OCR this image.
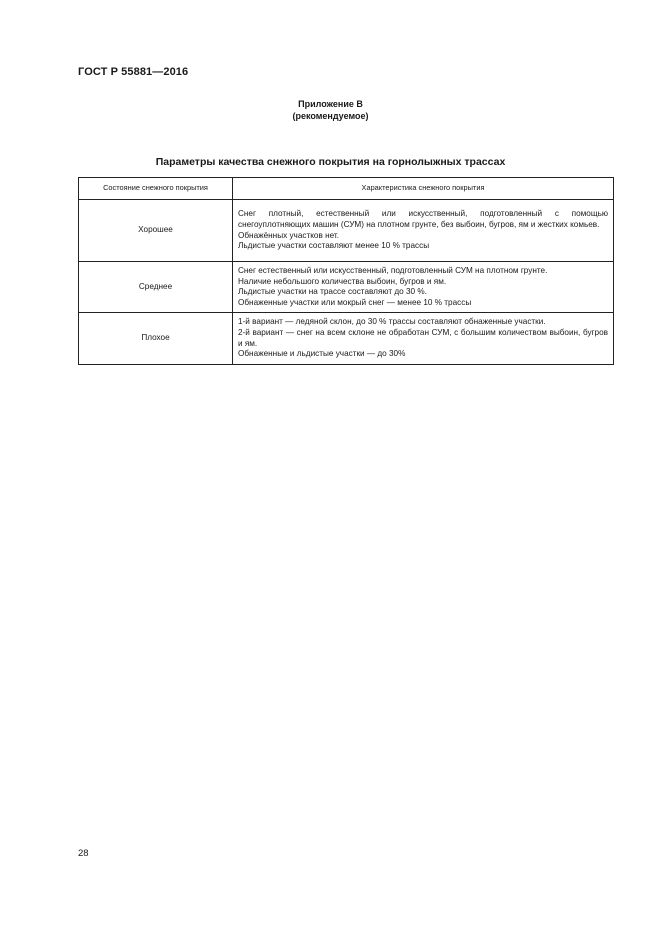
ГОСТ Р 55881—2016
Приложение В
(рекомендуемое)
Параметры качества снежного покрытия на горнолыжных трассах
Состояние снежного покрытия	Характеристика снежного покрытия
Хорошее	Снег плотный, естественный или искусственный, подготовленный с помощью снегоуплотняющих машин (СУМ) на плотном грунте, без выбоин, бугров, ям и жестких комьев.
Обнажённых участков нет.
Льдистые участки составляют менее 10 % трассы

Среднее	Снег естественный или искусственный, подготовленный СУМ на плотном грунте.
Наличие небольшого количества выбоин, бугров и ям.
Льдистые участки на трассе составляют до 30 %.
Обнаженные участки или мокрый снег — менее 10 % трассы

Плохое	1-й вариант — ледяной склон, до 30 % трассы составляют обнаженные участки.
2-й вариант — снег на всем склоне не обработан СУМ, с большим количеством выбоин, бугров и ям.
Обнаженные и льдистые участки — до 30%
28
